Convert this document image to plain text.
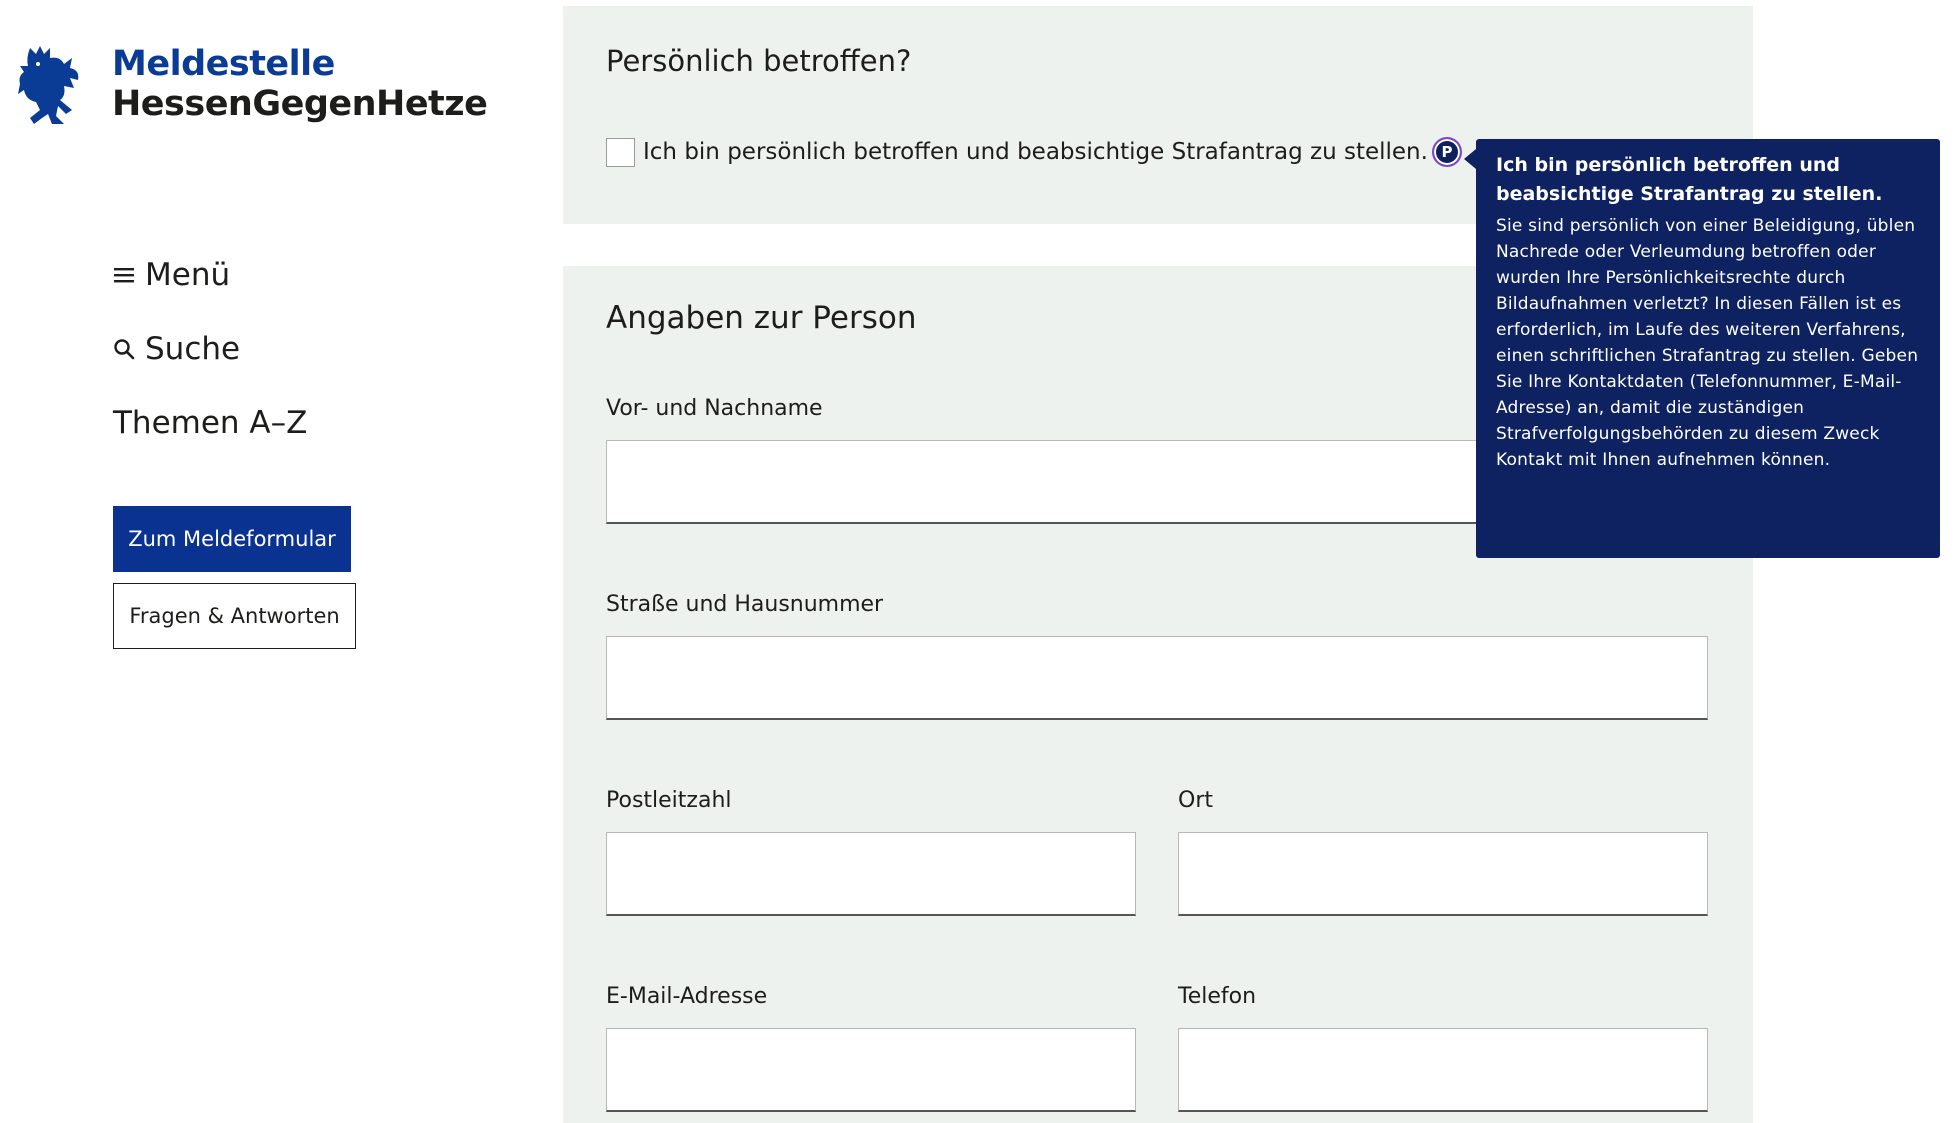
Meldestelle
HessenGegenHetze
Menü
Suche
Themen A–Z
Zum Meldeformular
Fragen & Antworten
Persönlich betroffen?
Ich bin persönlich betroffen und beabsichtige Strafantrag zu stellen. P
Angaben zur Person
Vor- und Nachname
Straße und Hausnummer
Postleitzahl	Ort
E-Mail-Adresse	Telefon
Ich bin persönlich betroffen und beabsichtige Strafantrag zu stellen.
Sie sind persönlich von einer Beleidigung, üblen Nachrede oder Verleumdung betroffen oder wurden Ihre Persönlichkeitsrechte durch Bildaufnahmen verletzt? In diesen Fällen ist es erforderlich, im Laufe des weiteren Verfahrens, einen schriftlichen Strafantrag zu stellen. Geben Sie Ihre Kontaktdaten (Telefonnummer, E-Mail-Adresse) an, damit die zuständigen Strafverfolgungsbehörden zu diesem Zweck Kontakt mit Ihnen aufnehmen können.
